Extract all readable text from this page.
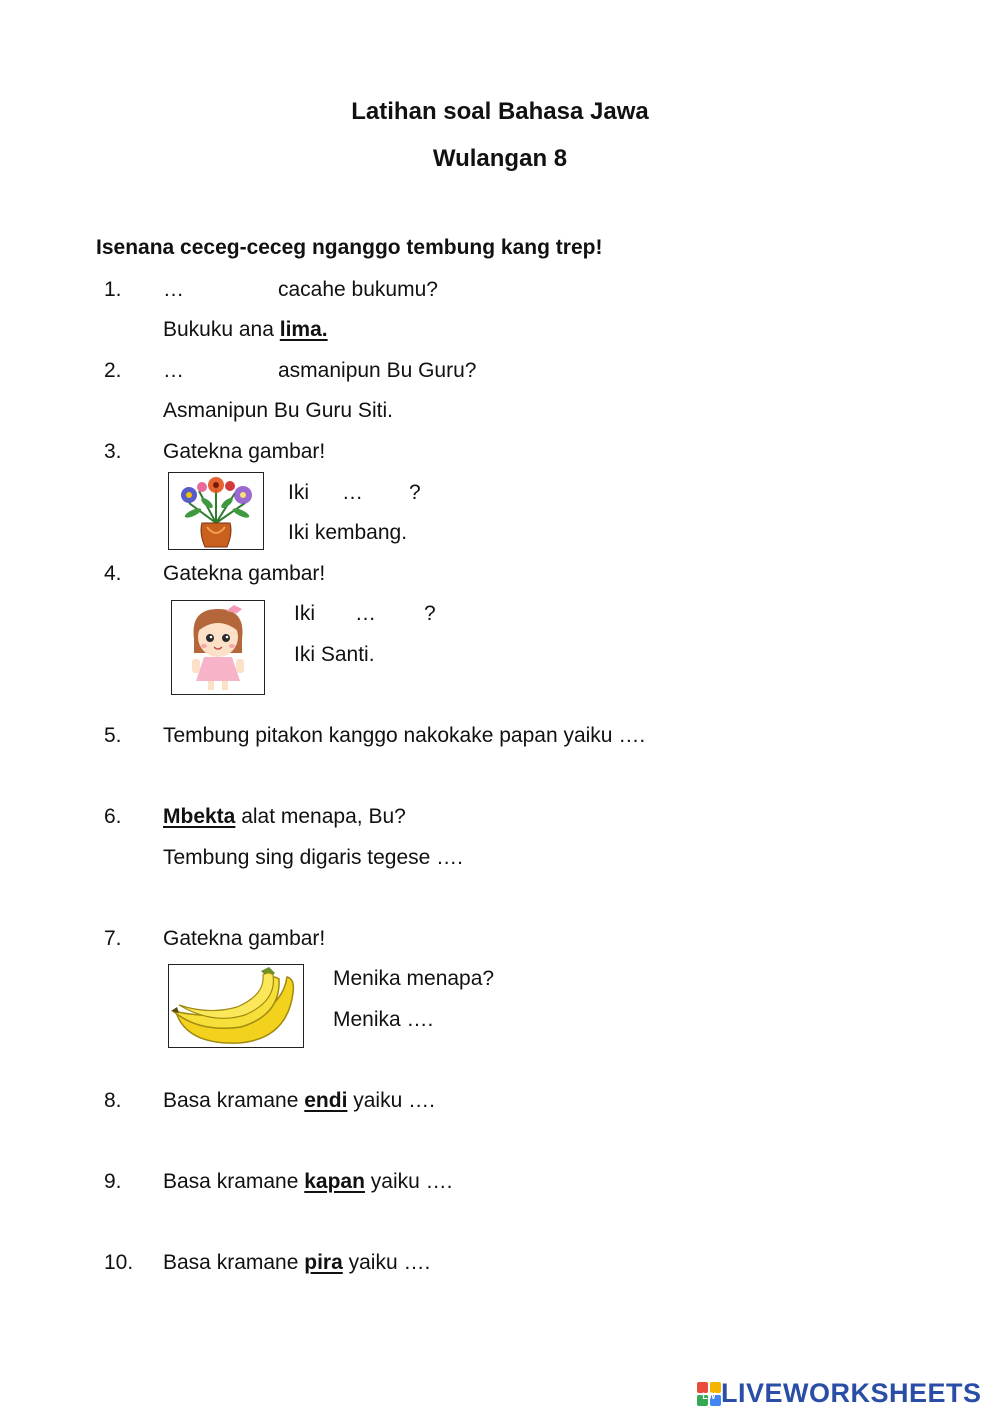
Latihan soal Bahasa Jawa
Wulangan 8
Isenana ceceg-ceceg nganggo tembung kang trep!
1. …	cacahe bukumu?
Bukuku ana lima.
2. …	asmanipun Bu Guru?
Asmanipun Bu Guru Siti.
3. Gatekna gambar!
Iki … ?
Iki kembang.
4. Gatekna gambar!
Iki … ?
Iki Santi.
5. Tembung pitakon kanggo nakokake papan yaiku ….
6. Mbekta alat menapa, Bu?
Tembung sing digaris tegese ….
7. Gatekna gambar!
Menika menapa?
Menika ….
8. Basa kramane endi yaiku ….
9. Basa kramane kapan yaiku ….
10. Basa kramane pira yaiku ….
LW LIVEWORKSHEETS
